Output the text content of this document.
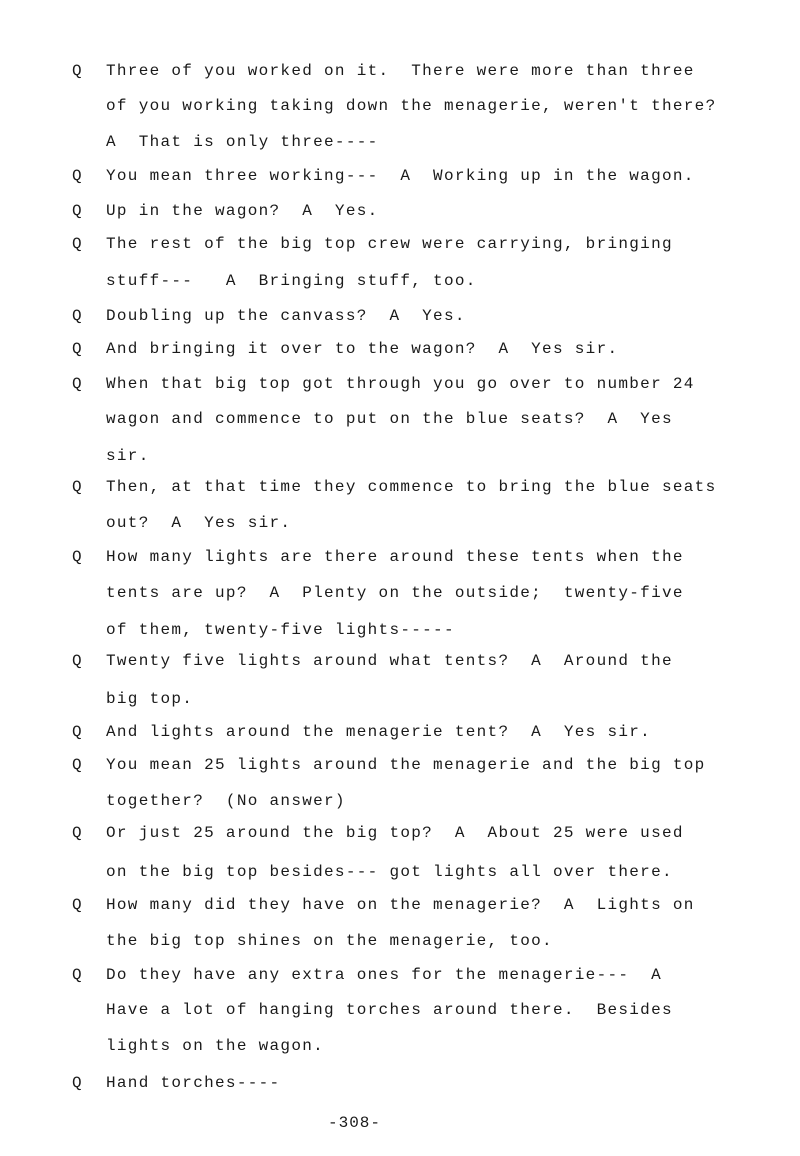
Q Three of you worked on it.  There were more than three
of you working taking down the menagerie, weren't there?
A  That is only three----
Q You mean three working---  A  Working up in the wagon.
Q Up in the wagon?  A  Yes.
Q The rest of the big top crew were carrying, bringing
stuff---   A  Bringing stuff, too.
Q Doubling up the canvass?  A  Yes.
Q And bringing it over to the wagon?  A  Yes sir.
Q When that big top got through you go over to number 24
wagon and commence to put on the blue seats?  A  Yes
sir.
Q Then, at that time they commence to bring the blue seats
out?  A  Yes sir.
Q How many lights are there around these tents when the
tents are up?  A  Plenty on the outside;  twenty-five
of them, twenty-five lights-----
Q Twenty five lights around what tents?  A  Around the
big top.
Q And lights around the menagerie tent?  A  Yes sir.
Q You mean 25 lights around the menagerie and the big top
together?  (No answer)
Q Or just 25 around the big top?  A  About 25 were used
on the big top besides--- got lights all over there.
Q How many did they have on the menagerie?  A  Lights on
the big top shines on the menagerie, too.
Q Do they have any extra ones for the menagerie---  A
Have a lot of hanging torches around there.  Besides
lights on the wagon.
Q Hand torches----
-308-
